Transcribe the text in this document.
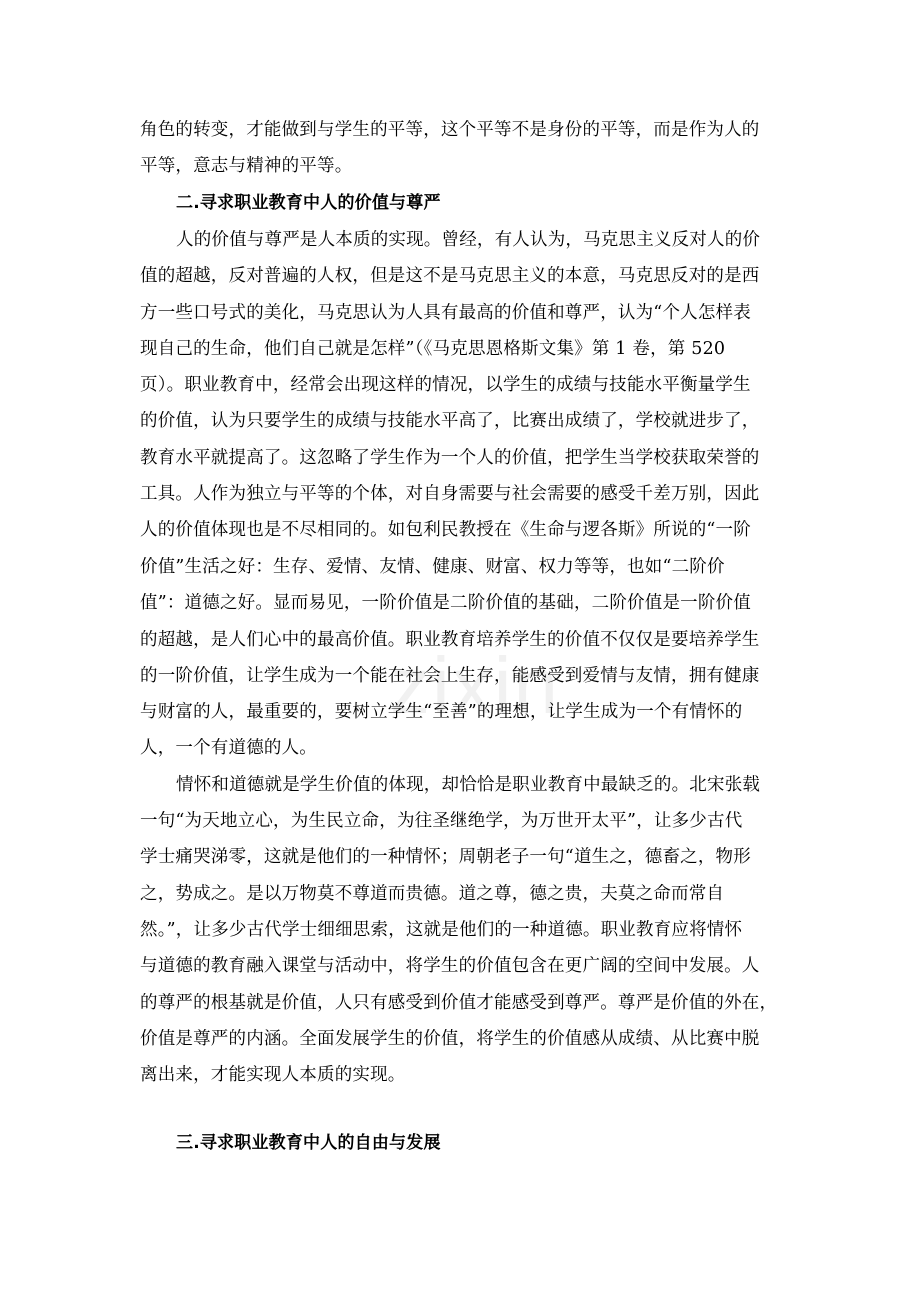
zixin
角色的转变，才能做到与学生的平等，这个平等不是身份的平等，而是作为人的
平等，意志与精神的平等。
二.寻求职业教育中人的价值与尊严
人的价值与尊严是人本质的实现。曾经，有人认为，马克思主义反对人的价
值的超越，反对普遍的人权，但是这不是马克思主义的本意，马克思反对的是西
方一些口号式的美化，马克思认为人具有最高的价值和尊严，认为“个人怎样表
现自己的生命，他们自己就是怎样”（《马克思恩格斯文集》第 1 卷，第 520
页）。职业教育中，经常会出现这样的情况，以学生的成绩与技能水平衡量学生
的价值，认为只要学生的成绩与技能水平高了，比赛出成绩了，学校就进步了，
教育水平就提高了。这忽略了学生作为一个人的价值，把学生当学校获取荣誉的
工具。人作为独立与平等的个体，对自身需要与社会需要的感受千差万别，因此
人的价值体现也是不尽相同的。如包利民教授在《生命与逻各斯》所说的“一阶
价值”生活之好：生存、爱情、友情、健康、财富、权力等等，也如“二阶价
值”：道德之好。显而易见，一阶价值是二阶价值的基础，二阶价值是一阶价值
的超越，是人们心中的最高价值。职业教育培养学生的价值不仅仅是要培养学生
的一阶价值，让学生成为一个能在社会上生存，能感受到爱情与友情，拥有健康
与财富的人，最重要的，要树立学生“至善”的理想，让学生成为一个有情怀的
人，一个有道德的人。
情怀和道德就是学生价值的体现，却恰恰是职业教育中最缺乏的。北宋张载
一句“为天地立心，为生民立命，为往圣继绝学，为万世开太平”，让多少古代
学士痛哭涕零，这就是他们的一种情怀；周朝老子一句“道生之，德畜之，物形
之，势成之。是以万物莫不尊道而贵德。道之尊，德之贵，夫莫之命而常自
然。”，让多少古代学士细细思索，这就是他们的一种道德。职业教育应将情怀
与道德的教育融入课堂与活动中，将学生的价值包含在更广阔的空间中发展。人
的尊严的根基就是价值，人只有感受到价值才能感受到尊严。尊严是价值的外在，
价值是尊严的内涵。全面发展学生的价值，将学生的价值感从成绩、从比赛中脱
离出来，才能实现人本质的实现。
三.寻求职业教育中人的自由与发展
